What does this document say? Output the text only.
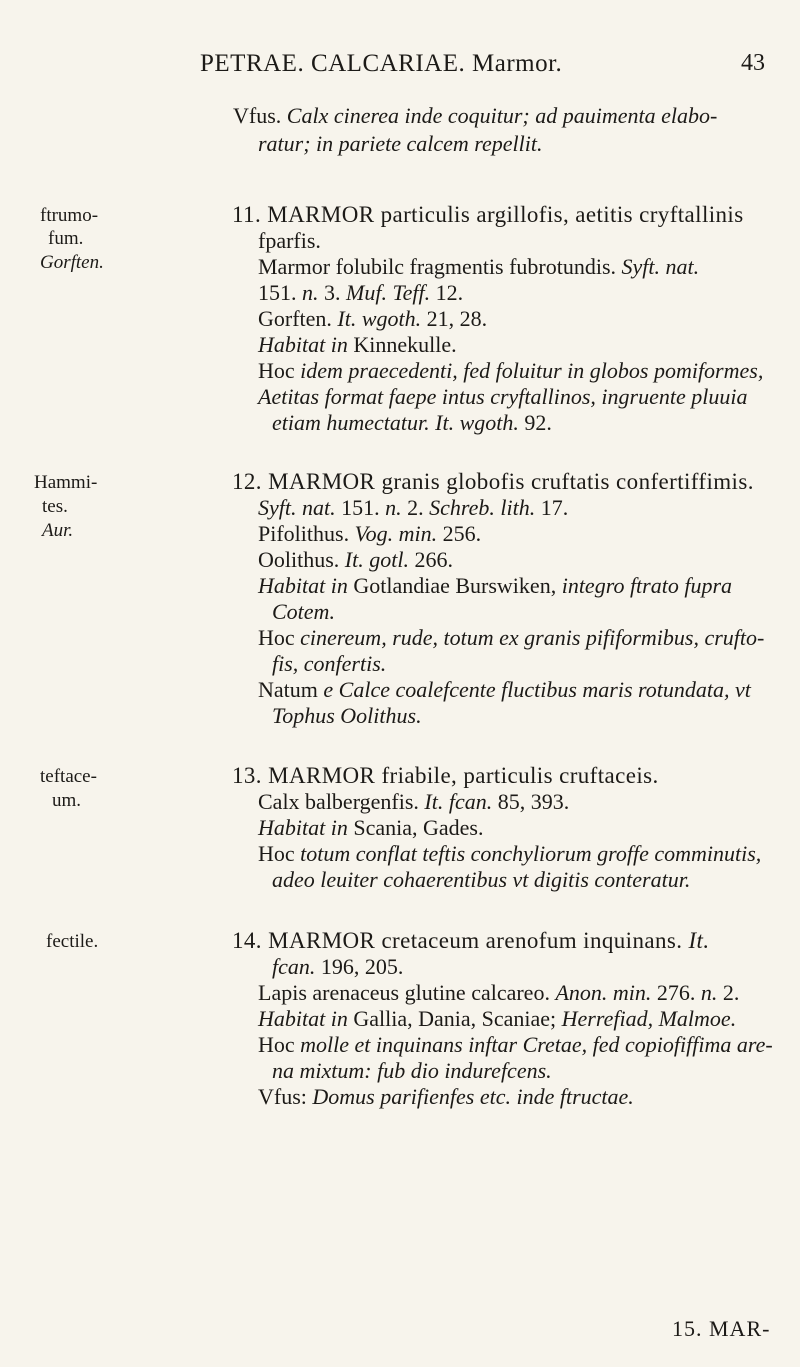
PETRAE. CALCARIAE. Marmor.	43
Vfus. Calx cinerea inde coquitur; ad pauimenta elabo-
ratur; in pariete calcem repellit.
ftrumo-
fum.
Gorften.
11. MARMOR particulis argillofis, aetitis cryftallinis
fparfis.
Marmor folubilc fragmentis fubrotundis. Syft. nat.
151. n. 3. Muf. Teff. 12.
Gorften. It. wgoth. 21, 28.
Habitat in Kinnekulle.
Hoc idem praecedenti, fed foluitur in globos pomiformes,
Aetitas format faepe intus cryftallinos, ingruente pluuia
etiam humectatur. It. wgoth. 92.
Hammi-
tes.
Aur.
12. MARMOR granis globofis cruftatis confertiffimis.
Syft. nat. 151. n. 2. Schreb. lith. 17.
Pifolithus. Vog. min. 256.
Oolithus. It. gotl. 266.
Habitat in Gotlandiae Burswiken, integro ftrato fupra
Cotem.
Hoc cinereum, rude, totum ex granis pififormibus, crufto-
fis, confertis.
Natum e Calce coalefcente fluctibus maris rotundata, vt
Tophus Oolithus.
teftace-
um.
13. MARMOR friabile, particulis cruftaceis.
Calx balbergenfis. It. fcan. 85, 393.
Habitat in Scania, Gades.
Hoc totum conflat teftis conchyliorum groffe comminutis,
adeo leuiter cohaerentibus vt digitis conteratur.
fectile.	14. MARMOR cretaceum arenofum inquinans. It.
fcan. 196, 205.
Lapis arenaceus glutine calcareo. Anon. min. 276. n. 2.
Habitat in Gallia, Dania, Scaniae; Herrefiad, Malmoe.
Hoc molle et inquinans inftar Cretae, fed copiofiffima are-
na mixtum: fub dio indurefcens.
Vfus: Domus parifienfes etc. inde ftructae.
15. MAR-
